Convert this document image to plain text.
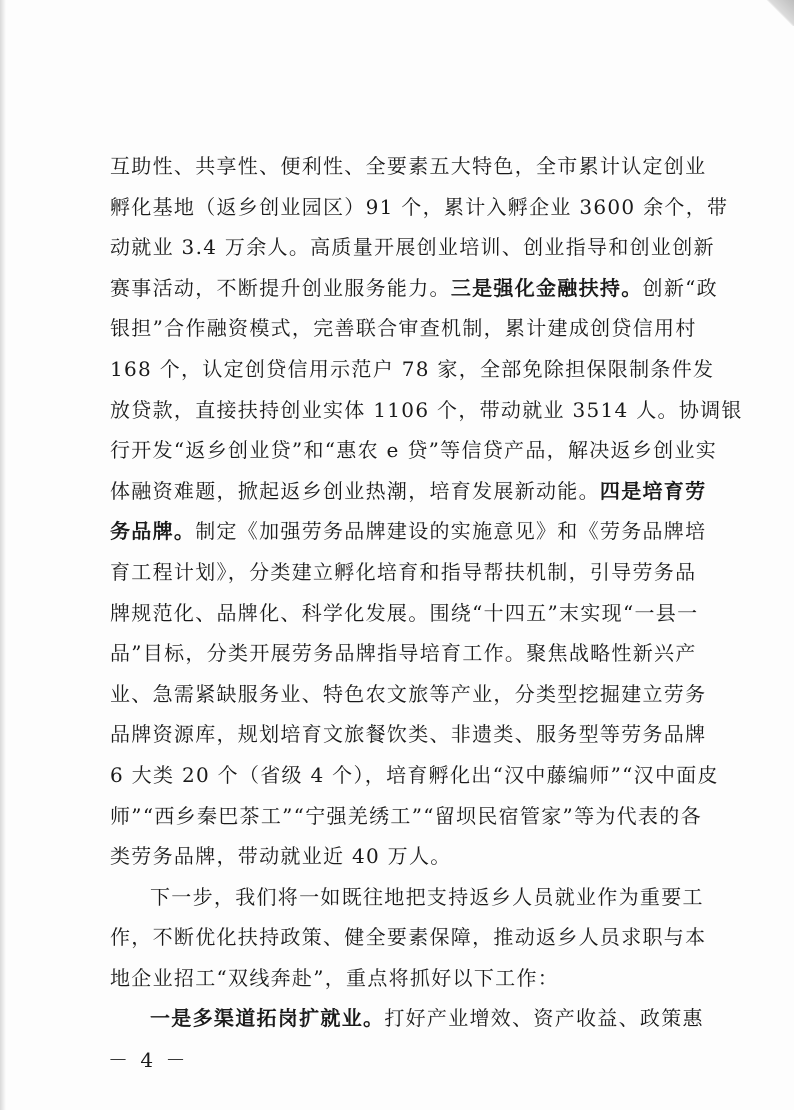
互助性、共享性、便利性、全要素五大特色，全市累计认定创业
孵化基地（返乡创业园区）91 个，累计入孵企业 3600 余个，带
动就业 3.4 万余人。高质量开展创业培训、创业指导和创业创新
赛事活动，不断提升创业服务能力。三是强化金融扶持。创新“政
银担”合作融资模式，完善联合审查机制，累计建成创贷信用村
168 个，认定创贷信用示范户 78 家，全部免除担保限制条件发
放贷款，直接扶持创业实体 1106 个，带动就业 3514 人。协调银
行开发“返乡创业贷”和“惠农 e 贷”等信贷产品，解决返乡创业实
体融资难题，掀起返乡创业热潮，培育发展新动能。四是培育劳
务品牌。制定《加强劳务品牌建设的实施意见》和《劳务品牌培
育工程计划》，分类建立孵化培育和指导帮扶机制，引导劳务品
牌规范化、品牌化、科学化发展。围绕“十四五”末实现“一县一
品”目标，分类开展劳务品牌指导培育工作。聚焦战略性新兴产
业、急需紧缺服务业、特色农文旅等产业，分类型挖掘建立劳务
品牌资源库，规划培育文旅餐饮类、非遗类、服务型等劳务品牌
6 大类 20 个（省级 4 个），培育孵化出“汉中藤编师”“汉中面皮
师”“西乡秦巴茶工”“宁强羌绣工”“留坝民宿管家”等为代表的各
类劳务品牌，带动就业近 40 万人。
下一步，我们将一如既往地把支持返乡人员就业作为重要工
作，不断优化扶持政策、健全要素保障，推动返乡人员求职与本
地企业招工“双线奔赴”，重点将抓好以下工作：
一是多渠道拓岗扩就业。打好产业增效、资产收益、政策惠
－ 4 －
